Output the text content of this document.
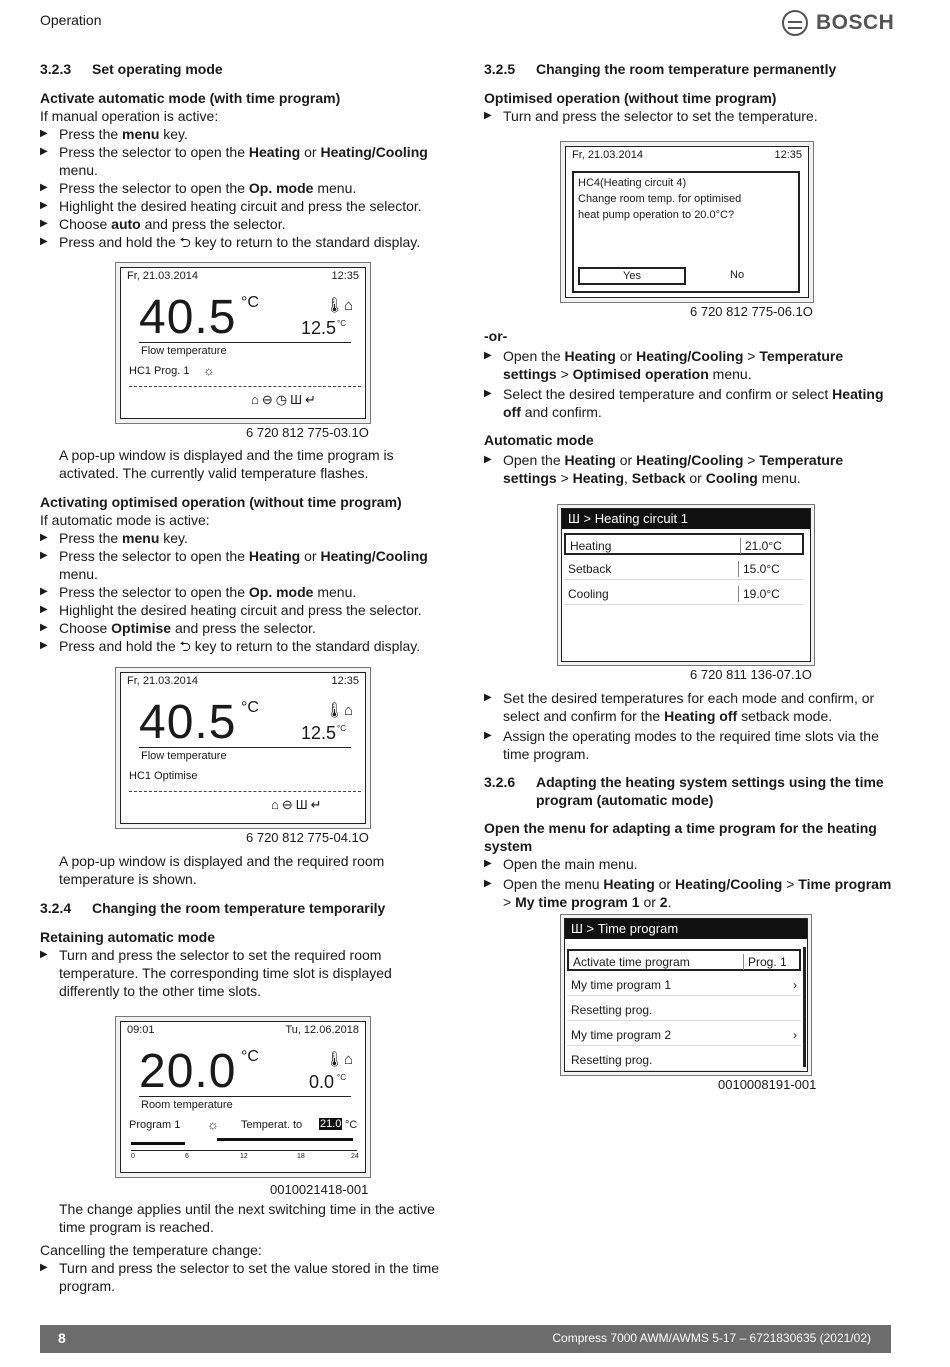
Operation	BOSCH

3.2.3	Set operating mode

Activate automatic mode (with time program)

If manual operation is active:

▶ Press the menu key.

▶ Press the selector to open the Heating or Heating/Cooling menu.

▶ Press the selector to open the Op. mode menu.

▶ Highlight the desired heating circuit and press the selector.

▶ Choose auto and press the selector.

▶ Press and hold the ⮌ key to return to the standard display.

Fr, 21.03.2014	12:35
40.5 °C	🌡⌂
12.5 °C
Flow temperature
HC1 Prog. 1 ☼
⌂⊖◷Ш↵
6 720 812 775-03.1O

A pop-up window is displayed and the time program is activated. The currently valid temperature flashes.

Activating optimised operation (without time program)

If automatic mode is active:

▶ Press the menu key.

▶ Press the selector to open the Heating or Heating/Cooling menu.

▶ Press the selector to open the Op. mode menu.

▶ Highlight the desired heating circuit and press the selector.

▶ Choose Optimise and press the selector.

▶ Press and hold the ⮌ key to return to the standard display.

Fr, 21.03.2014	12:35
40.5 °C	🌡⌂
12.5 °C
Flow temperature
HC1 Optimise
⌂⊖Ш↵
6 720 812 775-04.1O

A pop-up window is displayed and the required room temperature is shown.

3.2.4	Changing the room temperature temporarily

Retaining automatic mode

▶ Turn and press the selector to set the required room temperature. The corresponding time slot is displayed differently to the other time slots.

09:01	Tu, 12.06.2018
20.0 °C	🌡⌂
0.0 °C
Room temperature
Program 1 ☼ Temperat. to 21.0 °C
0	6	12	18	24
0010021418-001

The change applies until the next switching time in the active time program is reached.

Cancelling the temperature change:

▶ Turn and press the selector to set the value stored in the time program.

3.2.5	Changing the room temperature permanently

Optimised operation (without time program)

▶ Turn and press the selector to set the temperature.

Fr, 21.03.2014	12:35
HC4(Heating circuit 4)
Change room temp. for optimised
heat pump operation to 20.0°C?
Yes	No
6 720 812 775-06.1O

-or-

▶ Open the Heating or Heating/Cooling > Temperature settings > Optimised operation menu.

▶ Select the desired temperature and confirm or select Heating off and confirm.

Automatic mode

▶ Open the Heating or Heating/Cooling > Temperature settings > Heating, Setback or Cooling menu.

Ш > Heating circuit 1
Heating	21.0°C
Setback	15.0°C
Cooling	19.0°C
6 720 811 136-07.1O

▶ Set the desired temperatures for each mode and confirm, or select and confirm for the Heating off setback mode.

▶ Assign the operating modes to the required time slots via the time program.

3.2.6	Adapting the heating system settings using the time program (automatic mode)

Open the menu for adapting a time program for the heating system

▶ Open the main menu.

▶ Open the menu Heating or Heating/Cooling > Time program > My time program 1 or 2.

Ш > Time program
Activate time program	Prog. 1
My time program 1	›
Resetting prog.
My time program 2	›
Resetting prog.
0010008191-001
8	Compress 7000 AWM/AWMS 5-17 – 6721830635 (2021/02)
